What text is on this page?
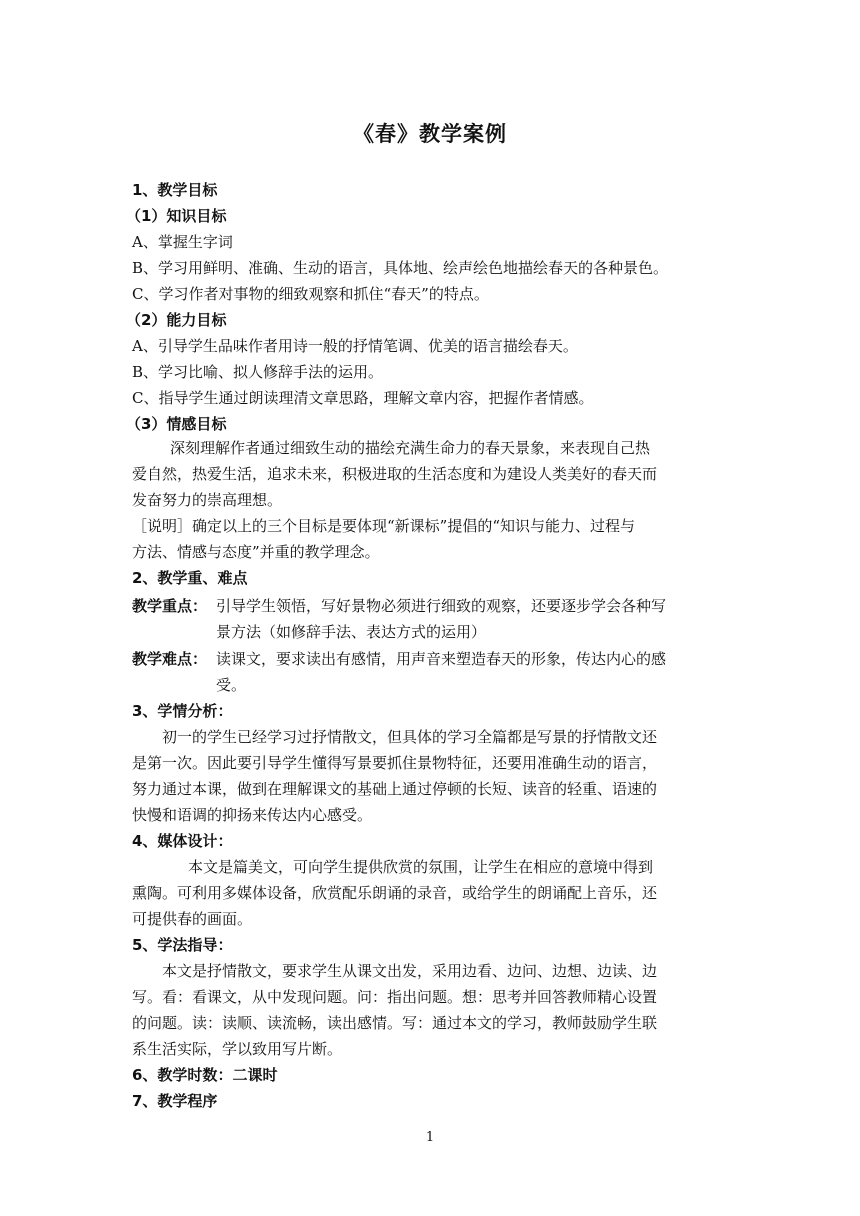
《春》教学案例
1、教学目标
（1）知识目标
A、掌握生字词
B、学习用鲜明、准确、生动的语言，具体地、绘声绘色地描绘春天的各种景色。
C、学习作者对事物的细致观察和抓住“春天”的特点。
（2）能力目标
A、引导学生品味作者用诗一般的抒情笔调、优美的语言描绘春天。
B、学习比喻、拟人修辞手法的运用。
C、指导学生通过朗读理清文章思路，理解文章内容，把握作者情感。
（3）情感目标
深刻理解作者通过细致生动的描绘充满生命力的春天景象，来表现自己热
爱自然，热爱生活，追求未来，积极进取的生活态度和为建设人类美好的春天而
发奋努力的崇高理想。
［说明］确定以上的三个目标是要体现“新课标”提倡的“知识与能力、过程与
方法、情感与态度”并重的教学理念。
2、教学重、难点
教学重点： 引导学生领悟，写好景物必须进行细致的观察，还要逐步学会各种写
景方法（如修辞手法、表达方式的运用）
教学难点： 读课文，要求读出有感情，用声音来塑造春天的形象，传达内心的感
受。
3、学情分析：
初一的学生已经学习过抒情散文，但具体的学习全篇都是写景的抒情散文还
是第一次。因此要引导学生懂得写景要抓住景物特征，还要用准确生动的语言，
努力通过本课，做到在理解课文的基础上通过停顿的长短、读音的轻重、语速的
快慢和语调的抑扬来传达内心感受。
4、媒体设计：
本文是篇美文，可向学生提供欣赏的氛围，让学生在相应的意境中得到
熏陶。可利用多媒体设备，欣赏配乐朗诵的录音，或给学生的朗诵配上音乐，还
可提供春的画面。
5、学法指导：
本文是抒情散文，要求学生从课文出发，采用边看、边问、边想、边读、边
写。看：看课文，从中发现问题。问：指出问题。想：思考并回答教师精心设置
的问题。读：读顺、读流畅，读出感情。写：通过本文的学习，教师鼓励学生联
系生活实际，学以致用写片断。
6、教学时数：二课时
7、教学程序
1
